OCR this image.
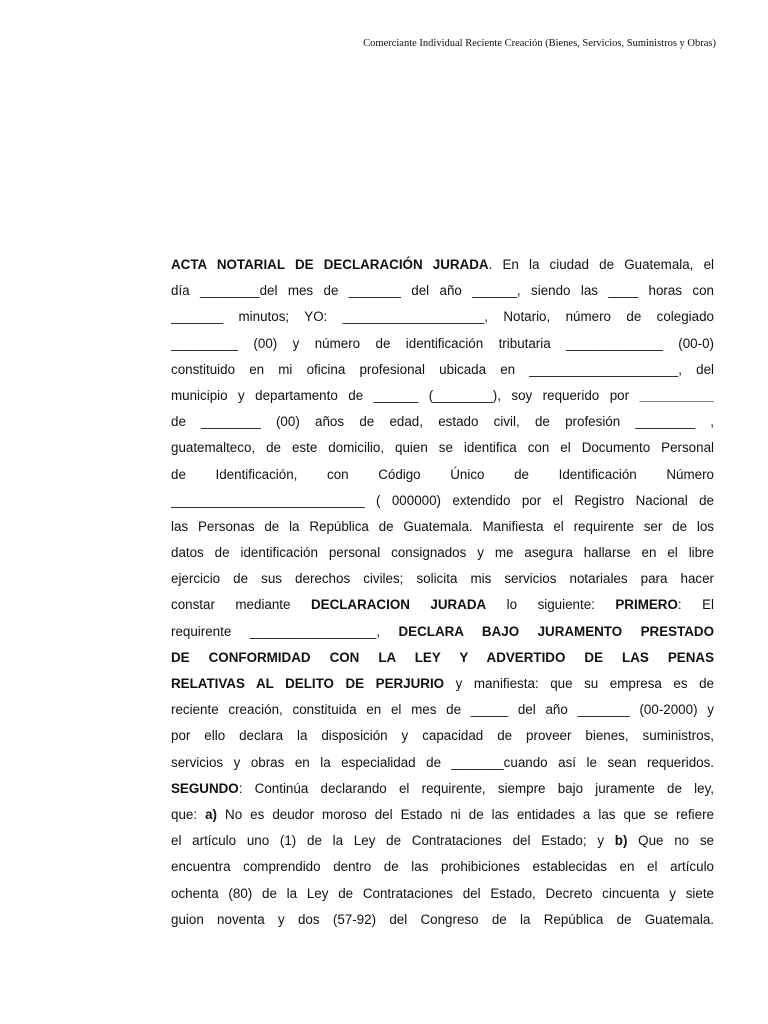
Comerciante Individual Reciente Creación (Bienes, Servicios, Suministros y Obras)
ACTA NOTARIAL DE DECLARACIÓN JURADA. En la ciudad de Guatemala, el
día ________del mes de _______ del año ______, siendo las ____ horas con
_______ minutos; YO: ___________________, Notario, número de colegiado
_________ (00) y número de identificación tributaria _____________ (00-0)
constituido en mi oficina profesional ubicada en ____________________, del
municipio y departamento de ______ (________), soy requerido por __________
de ________ (00) años de edad, estado civil, de profesión ________ ,
guatemalteco, de este domicilio, quien se identifica con el Documento Personal
de Identificación, con Código Único de Identificación Número
__________________________ ( 000000) extendido por el Registro Nacional de
las Personas de la República de Guatemala. Manifiesta el requirente ser de los
datos de identificación personal consignados y me asegura hallarse en el libre
ejercicio de sus derechos civiles; solicita mis servicios notariales para hacer
constar mediante DECLARACION JURADA lo siguiente: PRIMERO: El
requirente _________________, DECLARA BAJO JURAMENTO PRESTADO
DE CONFORMIDAD CON LA LEY Y ADVERTIDO DE LAS PENAS
RELATIVAS AL DELITO DE PERJURIO y manifiesta: que su empresa es de
reciente creación, constituida en el mes de _____ del año _______ (00-2000) y
por ello declara la disposición y capacidad de proveer bienes, suministros,
servicios y obras en la especialidad de _______cuando así le sean requeridos.
SEGUNDO: Continúa declarando el requirente, siempre bajo juramente de ley,
que: a) No es deudor moroso del Estado ni de las entidades a las que se refiere
el artículo uno (1) de la Ley de Contrataciones del Estado; y b) Que no se
encuentra comprendido dentro de las prohibiciones establecidas en el artículo
ochenta (80) de la Ley de Contrataciones del Estado, Decreto cincuenta y siete
guion noventa y dos (57-92) del Congreso de la República de Guatemala.
